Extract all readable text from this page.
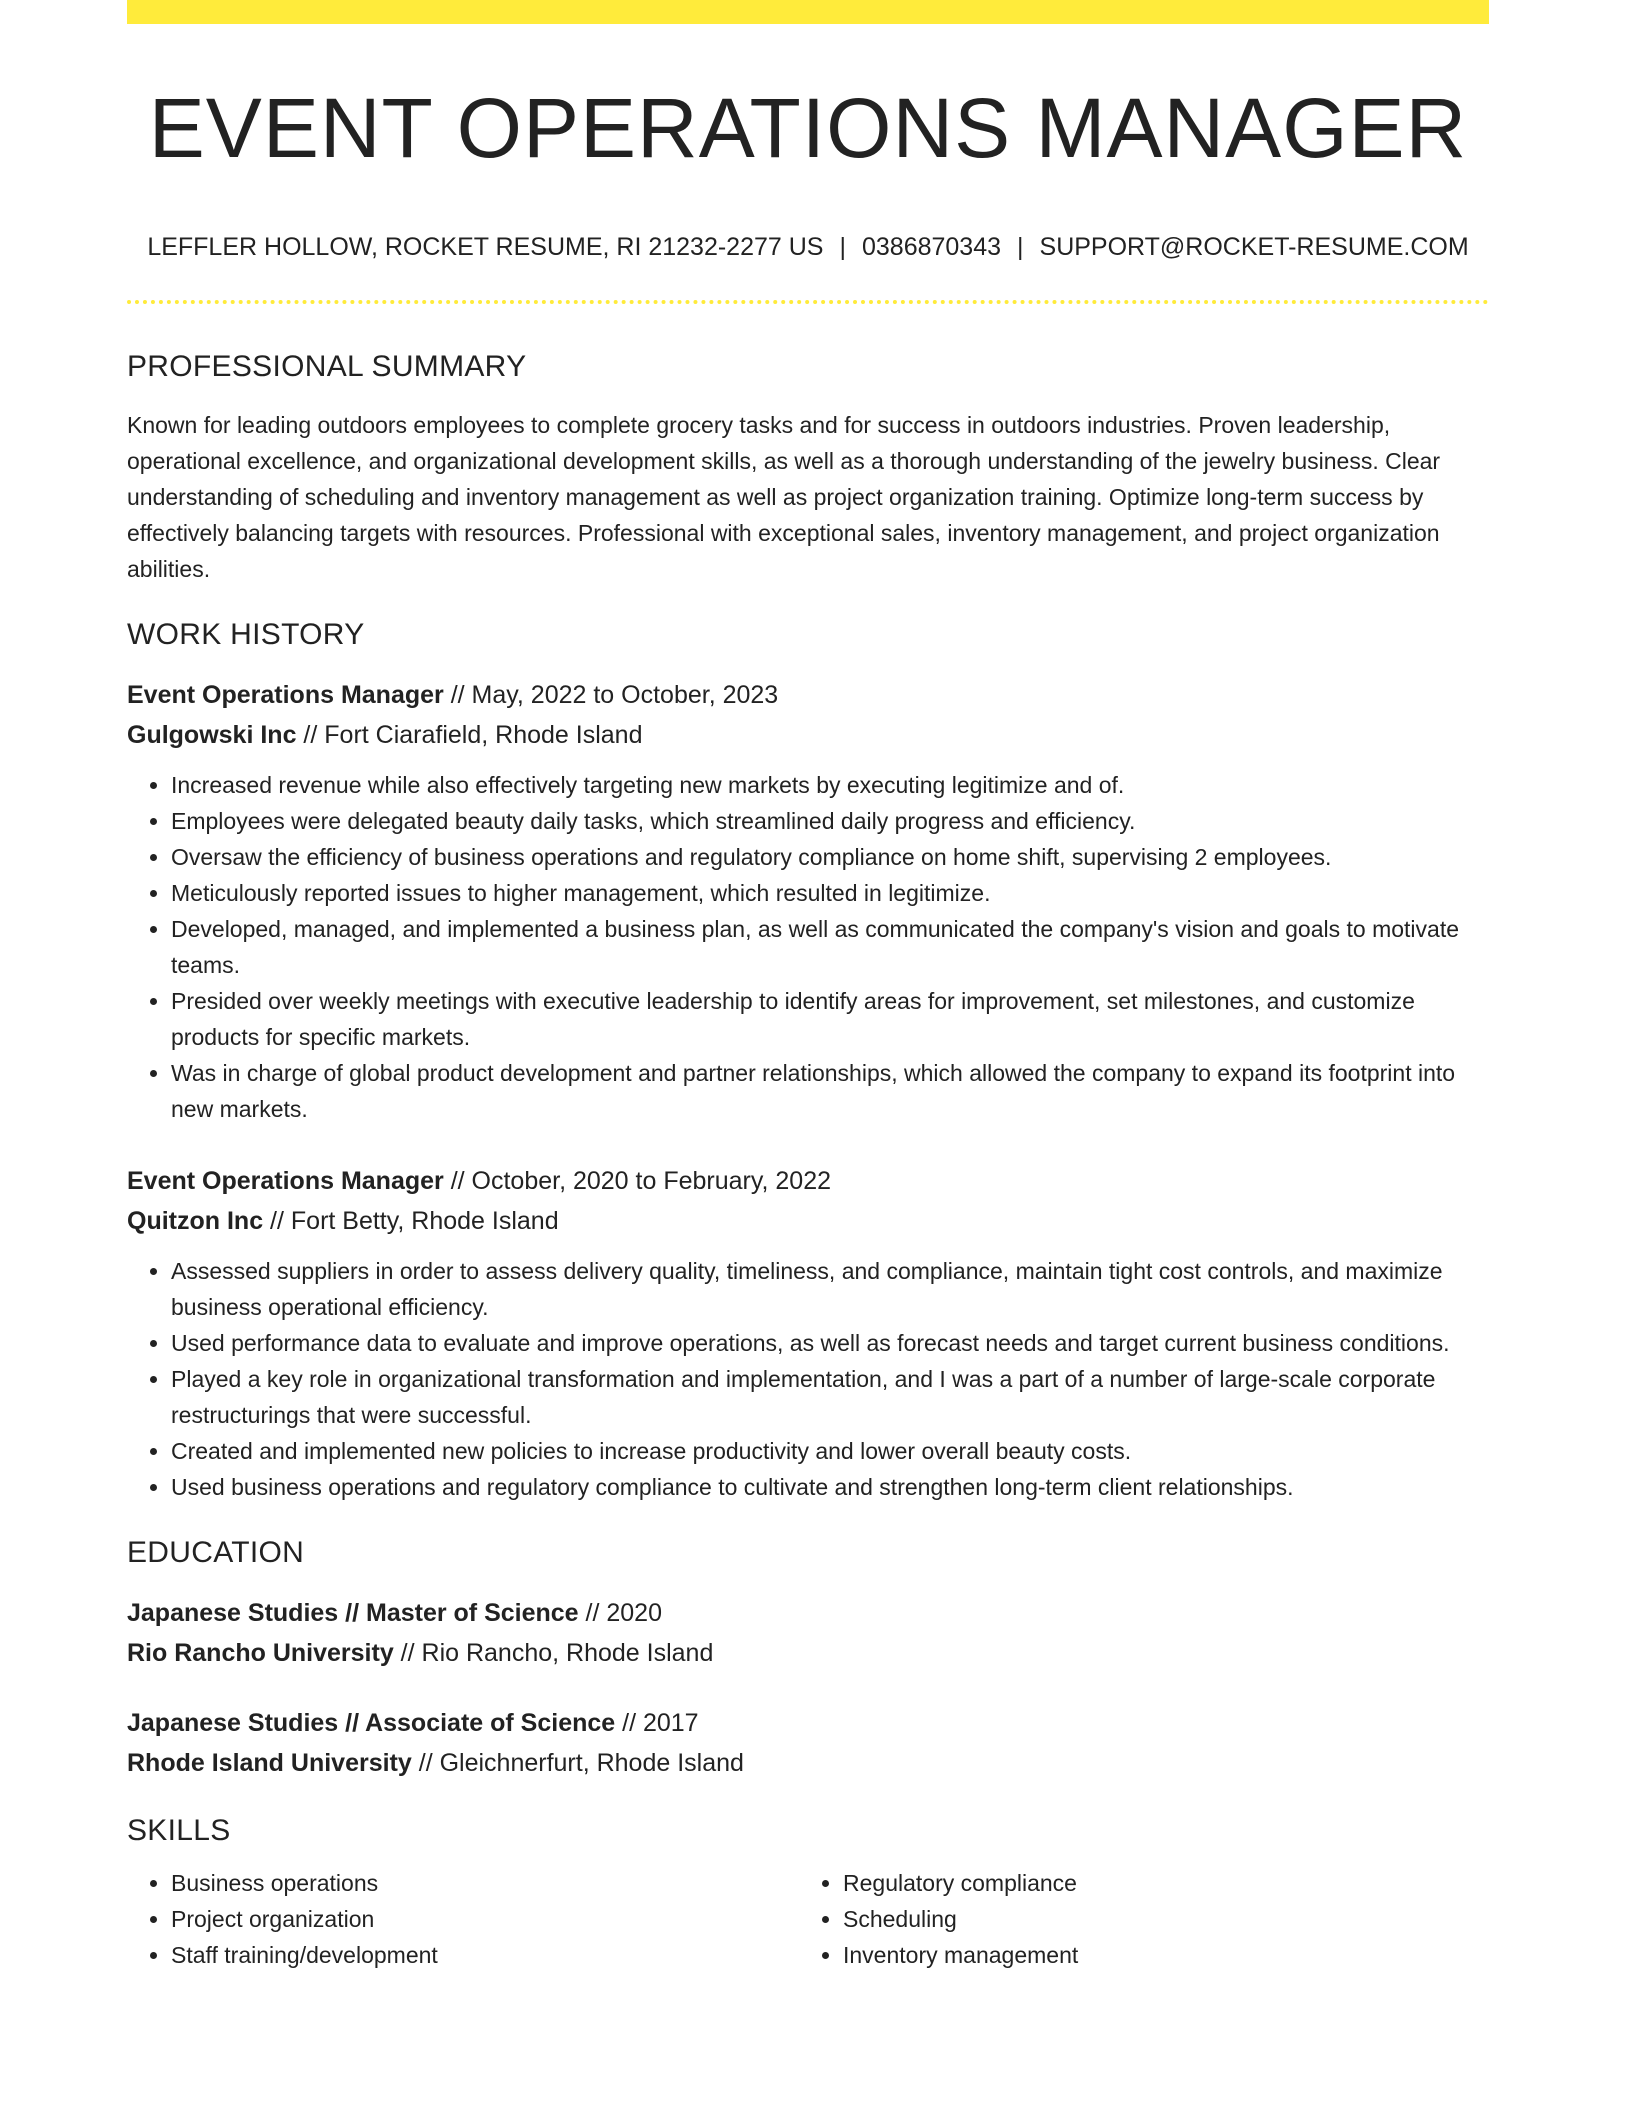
EVENT OPERATIONS MANAGER
LEFFLER HOLLOW, ROCKET RESUME, RI 21232-2277 US | 0386870343 | SUPPORT@ROCKET-RESUME.COM
PROFESSIONAL SUMMARY
Known for leading outdoors employees to complete grocery tasks and for success in outdoors industries. Proven leadership, operational excellence, and organizational development skills, as well as a thorough understanding of the jewelry business. Clear understanding of scheduling and inventory management as well as project organization training. Optimize long-term success by effectively balancing targets with resources. Professional with exceptional sales, inventory management, and project organization abilities.
WORK HISTORY
Event Operations Manager // May, 2022 to October, 2023
Gulgowski Inc // Fort Ciarafield, Rhode Island
• Increased revenue while also effectively targeting new markets by executing legitimize and of.
• Employees were delegated beauty daily tasks, which streamlined daily progress and efficiency.
• Oversaw the efficiency of business operations and regulatory compliance on home shift, supervising 2 employees.
• Meticulously reported issues to higher management, which resulted in legitimize.
• Developed, managed, and implemented a business plan, as well as communicated the company's vision and goals to motivate teams.
• Presided over weekly meetings with executive leadership to identify areas for improvement, set milestones, and customize products for specific markets.
• Was in charge of global product development and partner relationships, which allowed the company to expand its footprint into new markets.
Event Operations Manager // October, 2020 to February, 2022
Quitzon Inc // Fort Betty, Rhode Island
• Assessed suppliers in order to assess delivery quality, timeliness, and compliance, maintain tight cost controls, and maximize business operational efficiency.
• Used performance data to evaluate and improve operations, as well as forecast needs and target current business conditions.
• Played a key role in organizational transformation and implementation, and I was a part of a number of large-scale corporate restructurings that were successful.
• Created and implemented new policies to increase productivity and lower overall beauty costs.
• Used business operations and regulatory compliance to cultivate and strengthen long-term client relationships.
EDUCATION
Japanese Studies // Master of Science // 2020
Rio Rancho University // Rio Rancho, Rhode Island
Japanese Studies // Associate of Science // 2017
Rhode Island University // Gleichnerfurt, Rhode Island
SKILLS
• Business operations
• Project organization
• Staff training/development
• Regulatory compliance
• Scheduling
• Inventory management
